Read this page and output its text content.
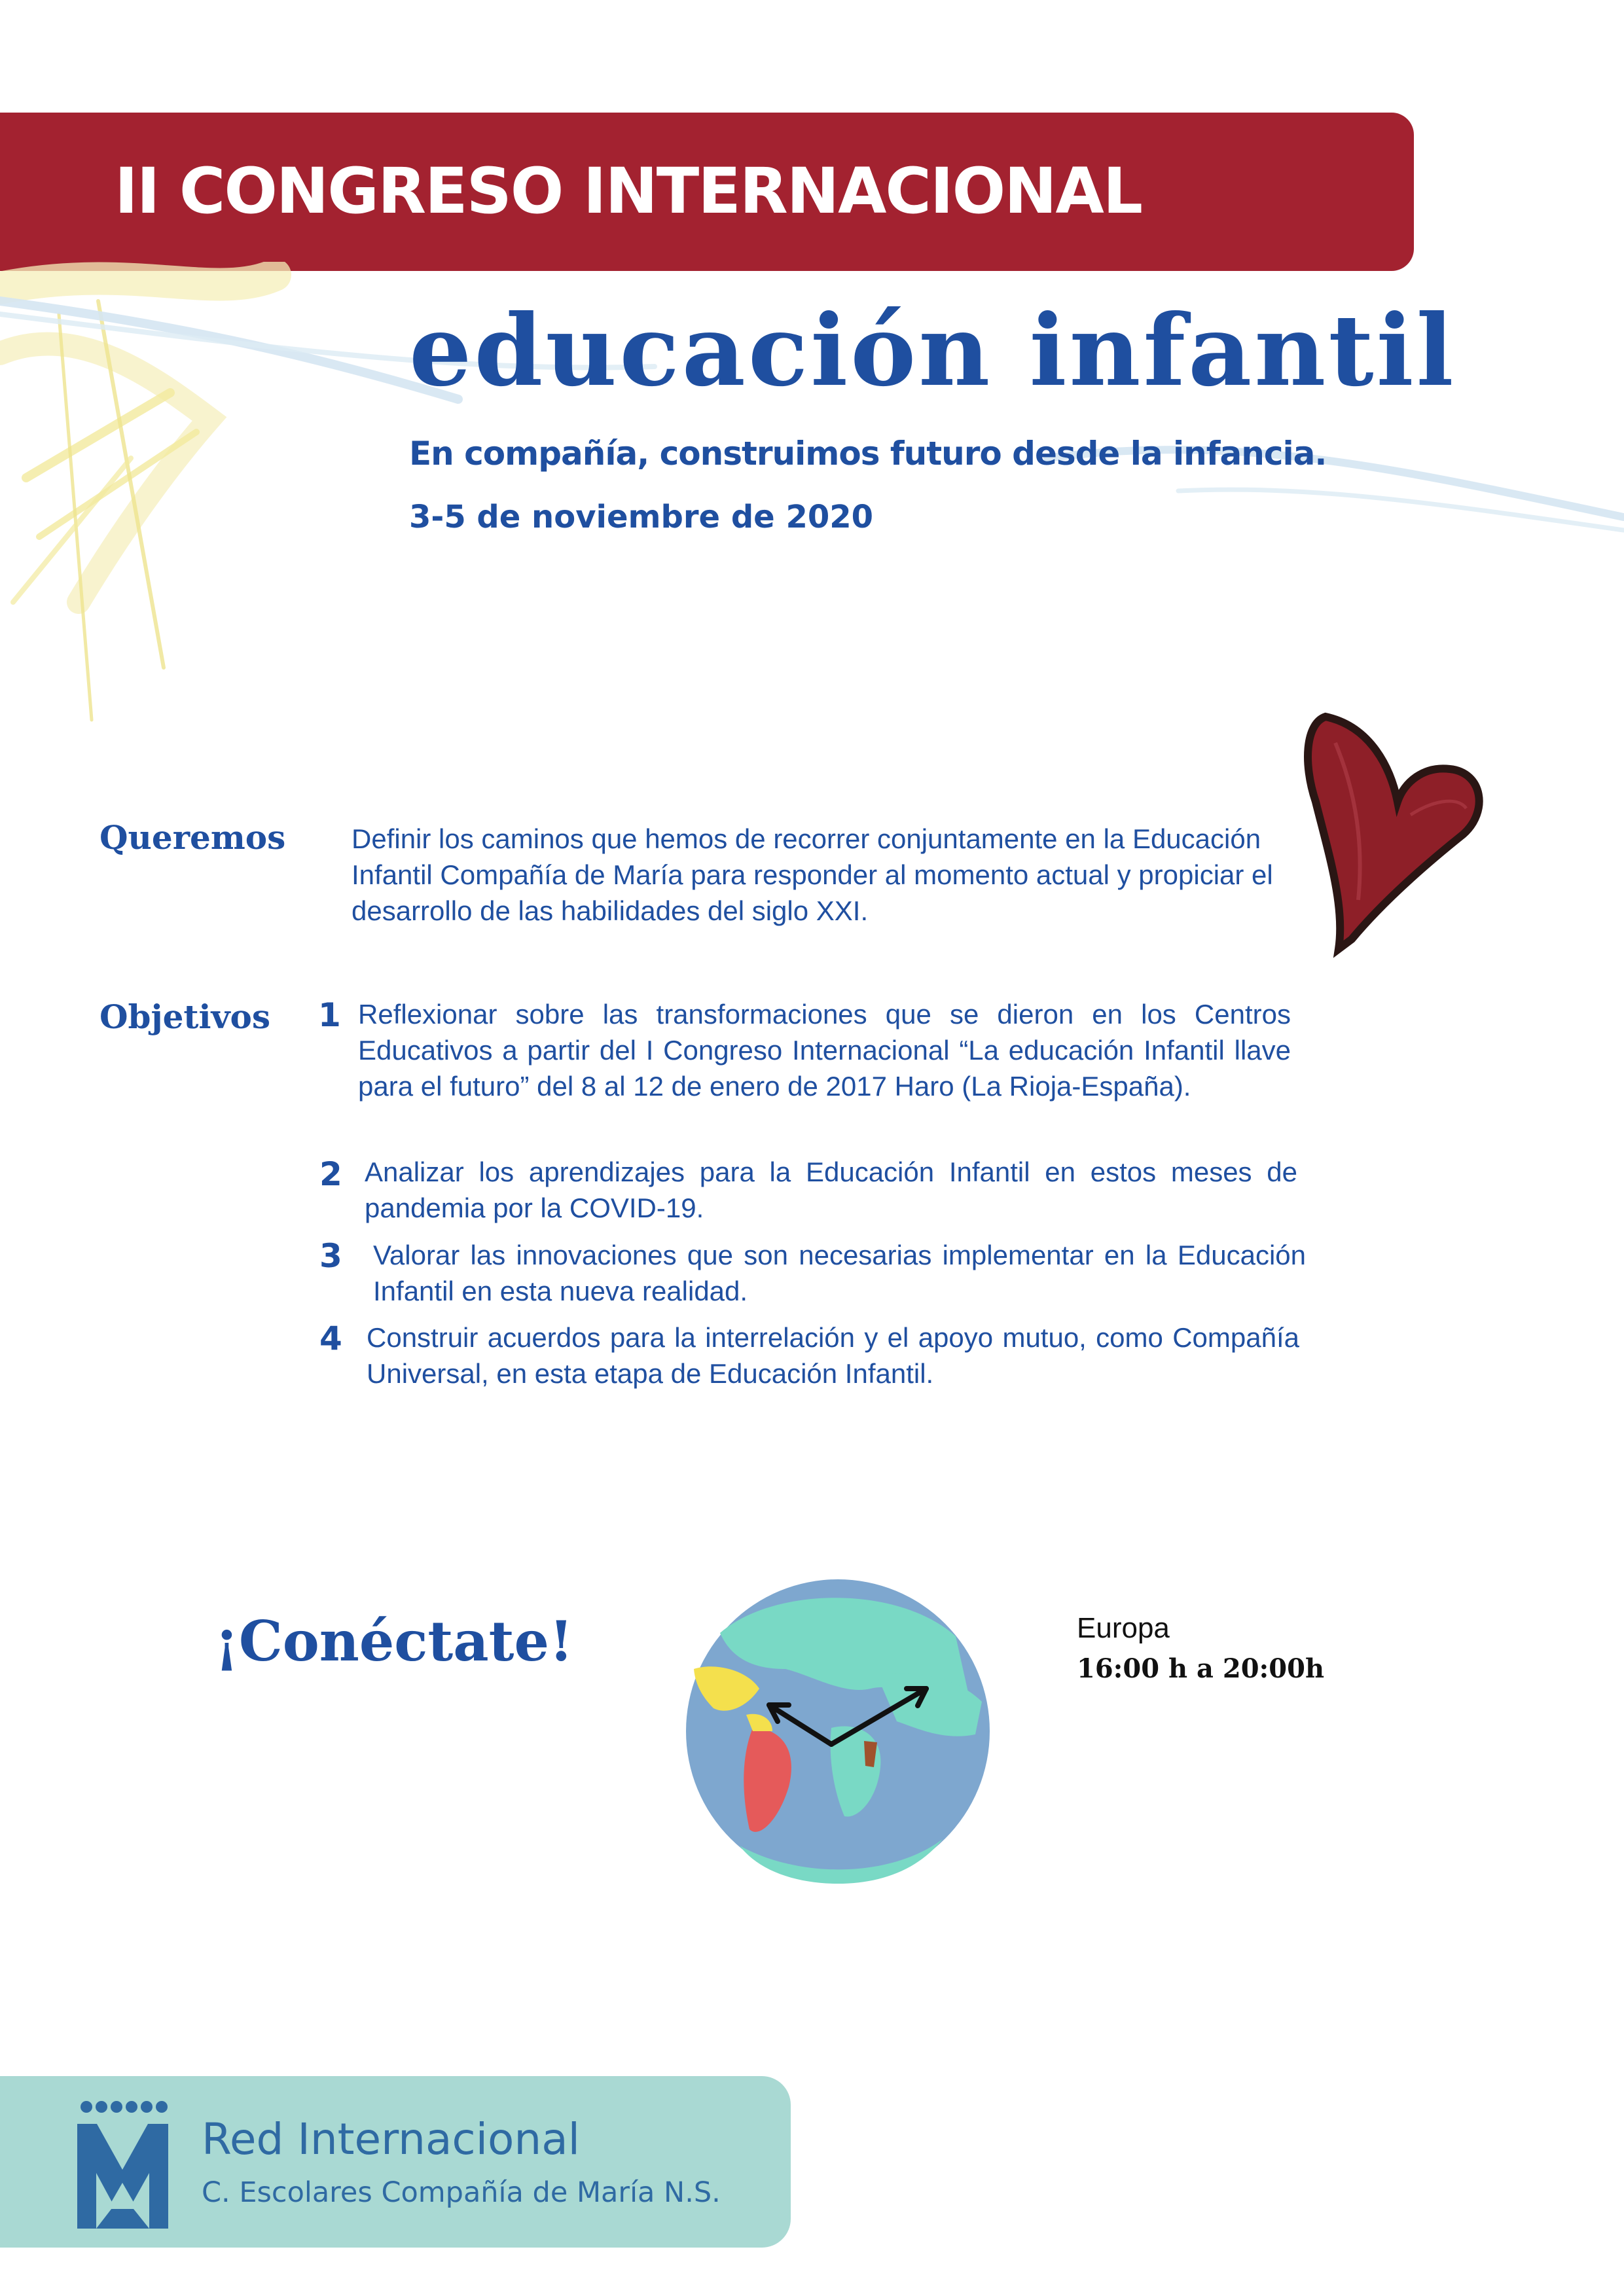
II CONGRESO INTERNACIONAL
educación infantil
En compañía, construimos futuro desde la infancia.
3-5 de noviembre de 2020
Queremos Definir los caminos que hemos de recorrer conjuntamente en la Educación Infantil Compañía de María para responder al momento actual y propiciar el desarrollo de las habilidades del siglo XXI.
Objetivos 1 Reflexionar sobre las transformaciones que se dieron en los Centros Educativos a partir del I Congreso Internacional “La educación Infantil llave para el futuro” del 8 al 12 de enero de 2017 Haro (La Rioja-España).
2 Analizar los aprendizajes para la Educación Infantil en estos meses de pandemia por la COVID-19.
3 Valorar las innovaciones que son necesarias implementar en la Educación Infantil en esta nueva realidad.
4 Construir acuerdos para la interrelación y el apoyo mutuo, como Compañía Universal, en esta etapa de Educación Infantil.
¡Conéctate!	Europa
16:00 h a 20:00h
Red Internacional
C. Escolares Compañía de María N.S.
